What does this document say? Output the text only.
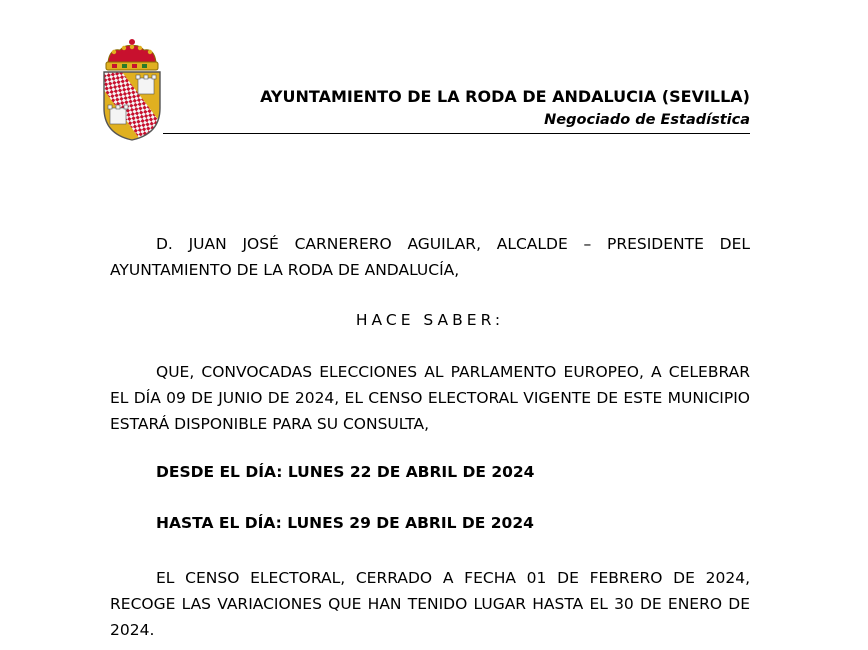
AYUNTAMIENTO DE LA RODA DE ANDALUCIA (SEVILLA)
Negociado de Estadística

D. JUAN JOSÉ CARNERERO AGUILAR, ALCALDE – PRESIDENTE DEL AYUNTAMIENTO DE LA RODA DE ANDALUCÍA,

HACE SABER:

QUE, CONVOCADAS ELECCIONES AL PARLAMENTO EUROPEO, A CELEBRAR EL DÍA 09 DE JUNIO DE 2024, EL CENSO ELECTORAL VIGENTE DE ESTE MUNICIPIO ESTARÁ DISPONIBLE PARA SU CONSULTA,

DESDE EL DÍA: LUNES 22 DE ABRIL DE 2024

HASTA EL DÍA: LUNES 29 DE ABRIL DE 2024

EL CENSO ELECTORAL, CERRADO A FECHA 01 DE FEBRERO DE 2024, RECOGE LAS VARIACIONES QUE HAN TENIDO LUGAR HASTA EL 30 DE ENERO DE 2024.
